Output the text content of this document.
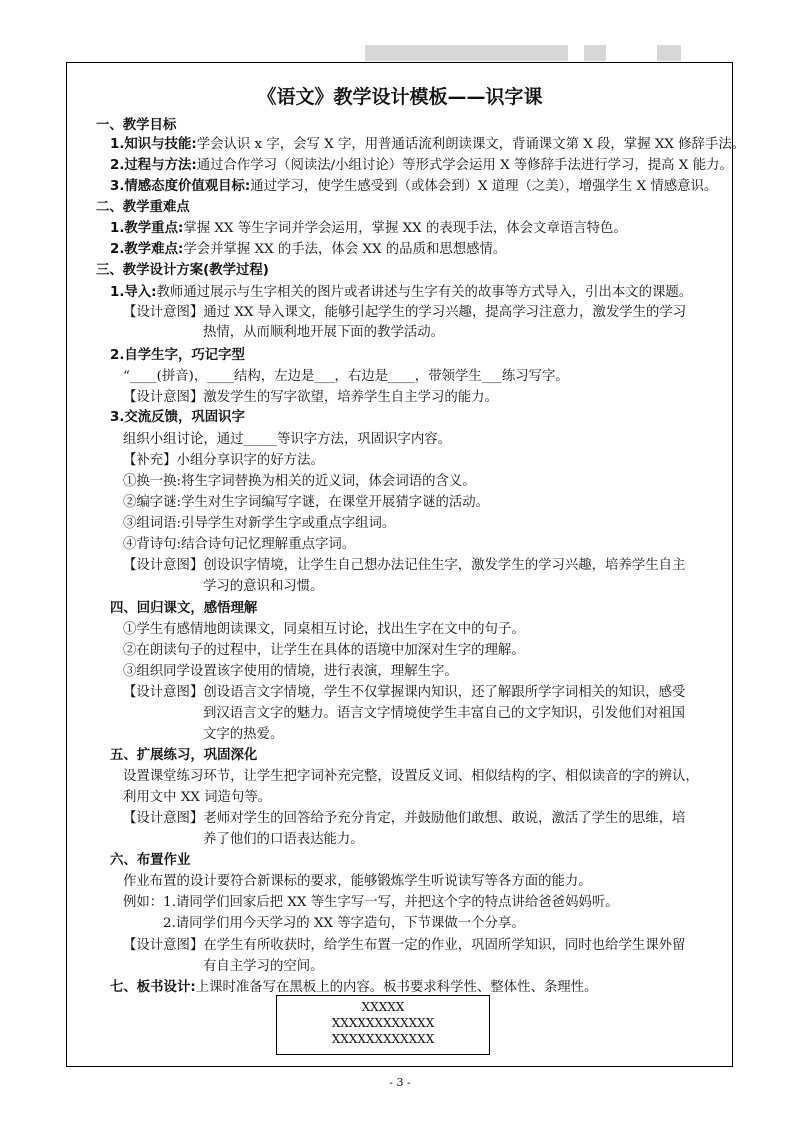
《语文》教学设计模板——识字课
一、教学目标
1.知识与技能:学会认识 x 字，会写 X 字，用普通话流利朗读课文，背诵课文第 X 段，掌握 XX 修辞手法。
2.过程与方法:通过合作学习（阅读法/小组讨论）等形式学会运用 X 等修辞手法进行学习，提高 X 能力。
3.情感态度价值观目标:通过学习，使学生感受到（或体会到）X 道理（之美），增强学生 X 情感意识。
二、教学重难点
1.教学重点:掌握 XX 等生字词并学会运用，掌握 XX 的表现手法，体会文章语言特色。
2.教学难点:学会并掌握 XX 的手法，体会 XX 的品质和思想感情。
三、教学设计方案(教学过程)
1.导入:教师通过展示与生字相关的图片或者讲述与生字有关的故事等方式导入，引出本文的课题。
【设计意图】通过 XX 导入课文，能够引起学生的学习兴趣，提高学习注意力，激发学生的学习
热情，从而顺利地开展下面的教学活动。
2.自学生字，巧记字型
“____(拼音)，____结构，左边是___，右边是____，带领学生___练习写字。
【设计意图】激发学生的写字欲望，培养学生自主学习的能力。
3.交流反馈，巩固识字
组织小组讨论，通过_____等识字方法，巩固识字内容。
【补充】小组分享识字的好方法。
①换一换:将生字词替换为相关的近义词，体会词语的含义。
②编字谜:学生对生字词编写字谜，在课堂开展猜字谜的活动。
③组词语:引导学生对新学生字或重点字组词。
④背诗句:结合诗句记忆理解重点字词。
【设计意图】创设识字情境，让学生自己想办法记住生字，激发学生的学习兴趣，培养学生自主
学习的意识和习惯。
四、回归课文，感悟理解
①学生有感情地朗读课文，同桌相互讨论，找出生字在文中的句子。
②在朗读句子的过程中，让学生在具体的语境中加深对生字的理解。
③组织同学设置该字使用的情境，进行表演，理解生字。
【设计意图】创设语言文字情境，学生不仅掌握课内知识，还了解跟所学字词相关的知识，感受
到汉语言文字的魅力。语言文字情境使学生丰富自己的文字知识，引发他们对祖国
文字的热爱。
五、扩展练习，巩固深化
设置课堂练习环节，让学生把字词补充完整，设置反义词、相似结构的字、相似读音的字的辨认，
利用文中 XX 词造句等。
【设计意图】老师对学生的回答给予充分肯定，并鼓励他们敢想、敢说，激活了学生的思维，培
养了他们的口语表达能力。
六、布置作业
作业布置的设计要符合新课标的要求，能够锻炼学生听说读写等各方面的能力。
例如：1.请同学们回家后把 XX 等生字写一写，并把这个字的特点讲给爸爸妈妈听。
2.请同学们用今天学习的 XX 等字造句，下节课做一个分享。
【设计意图】在学生有所收获时，给学生布置一定的作业，巩固所学知识，同时也给学生课外留
有自主学习的空间。
七、板书设计:上课时准备写在黑板上的内容。板书要求科学性、整体性、条理性。
XXXXX
XXXXXXXXXXXX
XXXXXXXXXXXX
- 3 -
